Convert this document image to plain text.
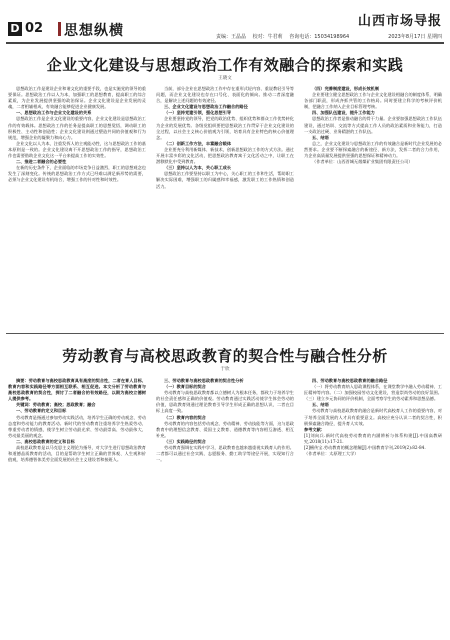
D 02 思想纵横
山西市场导报
责编：王晶晶 校对：牛君莉 咨询电话：15034198964	2023年8月17日 星期四
企业文化建设与思想政治工作有效融合的探索和实践
王晓文

思想政治工作是建设企业和谐文化的重要手段，也是实施党的领导的重要保证。思想政治工作以人为本，加强职工的思想教育，提高职工的综合素质，为企业发展提供坚强的政治保证。企业文化建设是企业发展的灵魂，二者相辅相成，有效融合能够促进企业健康发展。

一、思想政治工作与企业文化建设的关系

思想政治工作是企业文化建设的重要内容，企业文化建设是思想政治工作的有效载体。思想政治工作的任务是提高职工的思想觉悟，调动职工的积极性、主动性和创造性；企业文化建设则通过塑造共同的价值观和行为规范，增强企业的凝聚力和向心力。

企业文化以人为本，注重发挥人的主观能动性，这与思想政治工作的基本原则是一致的。企业文化建设离不开思想政治工作的指导，思想政治工作也需要借助企业文化这一平台来提高工作的实效性。

二、推进二者融合的必要性

在新的历史条件下，企业面临的市场竞争日益激烈，职工的思想观念也发生了深刻变化。传统的思想政治工作方式已经难以满足新形势的需要，必须与企业文化建设有机结合，增强工作的针对性和时效性。

当前，部分企业在思想政治工作中存在重形式轻内容、重说教轻引导等问题，而企业文化建设也存在口号化、表面化的倾向。推动二者深度融合，是解决上述问题的有效途径。

三、企业文化建设与思想政治工作融合的路径

（一）坚持党建引领，强化思想引导

企业要坚持党的领导，把党的政治优势、组织优势和群众工作优势转化为企业的发展优势。各级党组织要把思想政治工作贯穿于企业文化建设的全过程，以社会主义核心价值观为引领，培育具有企业特色的核心价值理念。

（二）创新工作方法，丰富融合载体

企业要充分利用新媒体、新技术，创新思想政治工作的方式方法。通过开展丰富多彩的文化活动，把思想政治教育寓于文化活动之中，让职工在潜移默化中受到教育。

（三）坚持以人为本，关心职工成长

思想政治工作要坚持以职工为中心，关心职工的工作和生活，帮助职工解决实际困难，增强职工的归属感和幸福感，激发职工的工作热情和创造活力。

（四）完善制度建设，形成长效机制

企业要建立健全思想政治工作与企业文化建设相融合的制度体系，明确各部门职责，形成齐抓共管的工作格局。同时要建立科学的考核评价机制，把融合工作纳入企业目标管理考核。

四、加强队伍建设，提升工作能力

思想政治工作者是推动融合的骨干力量。企业要加强思想政治工作队伍建设，通过培训、交流等方式提高工作人员的政治素质和业务能力，打造一支政治过硬、业务精湛的工作队伍。

五、结语

总之，企业文化建设与思想政治工作的有效融合是新时代企业发展的必然要求。企业要不断探索融合的新途径、新方法，发挥二者的合力作用，为企业高质量发展提供坚强的思想保证和精神动力。

（作者单位：山西晋城无烟煤矿业集团有限责任公司）

劳动教育与高校思政教育的契合性与融合性分析
于欣

摘要：劳动教育与高校思政教育具有高度的契合性，二者在育人目标、教育内容和实践路径等方面相互联系、相互促进。本文分析了劳动教育与高校思政教育的契合性，探讨了二者融合的有效路径，以期为高校立德树人提供参考。

关键词：劳动教育；高校；思政教育；融合

一、劳动教育的定义和目标

劳动教育是指通过参加劳动实践活动，培养学生正确的劳动观念、劳动态度和劳动能力的教育活动。新时代的劳动教育注重培养学生热爱劳动、尊重劳动者的情感，使学生树立劳动最光荣、劳动最崇高、劳动最伟大、劳动最美丽的观念。

二、高校思政教育的定义和目标

高校思政教育是以马克思主义理论为指导，对大学生进行思想政治教育和道德品质教育的活动，目的是帮助学生树立正确的世界观、人生观和价值观，培养德智体美劳全面发展的社会主义建设者和接班人。

三、劳动教育与高校思政教育的契合性分析

（一）教育目标的契合

劳动教育与高校思政教育都以立德树人为根本任务，都致力于培养学生的社会责任感和正确的价值观。劳动教育通过实践活动使学生体会劳动的价值，思政教育则通过理论教育引导学生形成正确的思想认识，二者在目标上高度一致。

（二）教育内容的契合

劳动教育的内容包括劳动观念、劳动精神、劳动技能等方面，这与思政教育中的理想信念教育、爱国主义教育、道德教育等内容相互渗透、相互补充。

（三）实践路径的契合

劳动教育强调在实践中学习，思政教育也越来越重视实践育人的作用。二者都可以通过社会实践、志愿服务、勤工助学等途径开展，实现知行合一。

四、劳动教育与高校思政教育的融合路径

（一）将劳动教育纳入思政课程体系，在课堂教学中融入劳动精神、工匠精神等内容。（二）加强校园劳动文化建设，营造崇尚劳动的良好氛围。（三）建立多元协同的评价机制，全面考察学生的劳动素养和思想品德。

五、结语

劳动教育与高校思政教育的融合是新时代高校育人工作的重要内容，对于培养全面发展的人才具有重要意义。高校应充分认识二者的契合性，积极探索融合路径，提升育人实效。

参考文献：
[1]刘向兵.新时代高校劳动教育的内涵辨析与体系构建[J].中国高教研究,2018(11):17-21.
[2]檀传宝.劳动教育的概念理解[J].中国教育学刊,2019(2):82-84.
（作者单位：太原理工大学）
